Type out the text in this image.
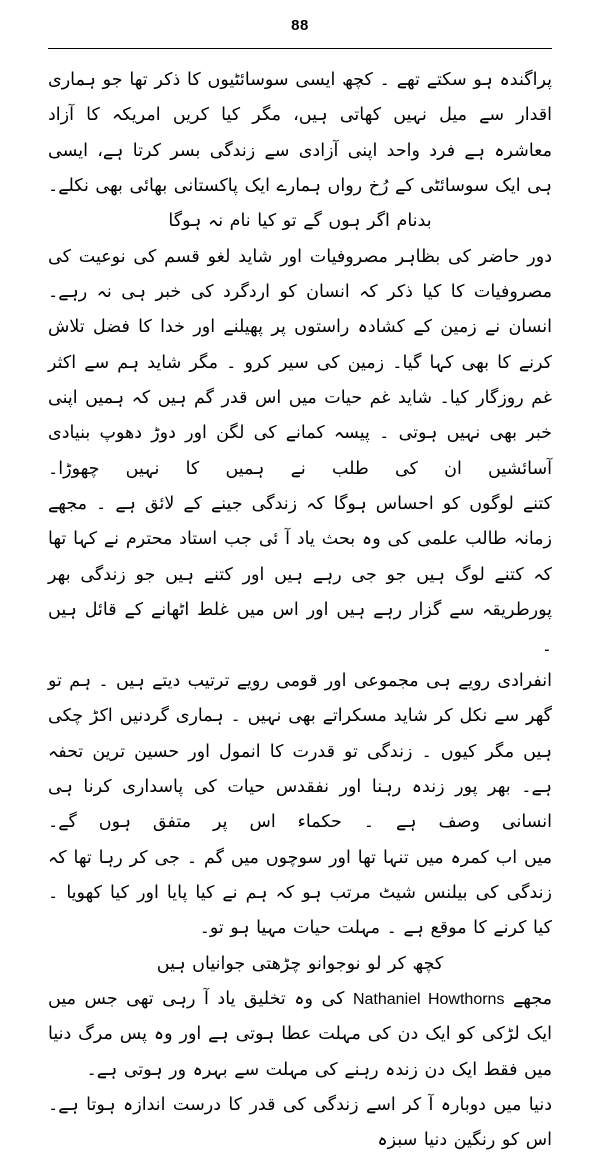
88

پراگندہ ہو سکتے تھے ۔ کچھ ایسی سوسائٹیوں کا ذکر تھا جو ہماری اقدار سے میل نہیں کھاتی ہیں، مگر کیا کریں امریکہ کا آزاد معاشرہ ہے فرد واحد اپنی آزادی سے زندگی بسر کرتا ہے، ایسی ہی ایک سوسائٹی کے رُخ رواں ہمارے ایک پاکستانی بھائی بھی نکلے۔

بدنام اگر ہوں گے تو کیا نام نہ ہوگا

دور حاضر کی بظاہر مصروفیات اور شاید لغو قسم کی نوعیت کی مصروفیات کا کیا ذکر کہ انسان کو اردگرد کی خبر ہی نہ رہے۔ انسان نے زمین کے کشادہ راستوں پر پھیلنے اور خدا کا فضل تلاش کرنے کا بھی کہا گیا۔ زمین کی سیر کرو ۔ مگر شاید ہم سے اکثر غم روزگار کیا۔ شاید غم حیات میں اس قدر گم ہیں کہ ہمیں اپنی خبر بھی نہیں ہوتی ۔ پیسہ کمانے کی لگن اور دوڑ دھوپ بنیادی آسائشیں ان کی طلب نے ہمیں کا نہیں چھوڑا۔

کتنے لوگوں کو احساس ہوگا کہ زندگی جینے کے لائق ہے ۔ مجھے زمانہ طالب علمی کی وہ بحث یاد آ ئی جب استاد محترم نے کہا تھا کہ کتنے لوگ ہیں جو جی رہے ہیں اور کتنے ہیں جو زندگی بھر پورطریقہ سے گزار رہے ہیں اور اس میں غلط اٹھانے کے قائل ہیں ۔

انفرادی رویے ہی مجموعی اور قومی رویے ترتیب دیتے ہیں ۔ ہم تو گھر سے نکل کر شاید مسکراتے بھی نہیں ۔ ہماری گردنیں اکڑ چکی ہیں مگر کیوں ۔ زندگی تو قدرت کا انمول اور حسین ترین تحفہ ہے۔ بھر پور زندہ رہنا اور نفقدس حیات کی پاسداری کرنا ہی انسانی وصف ہے ۔ حکماء اس پر متفق ہوں گے۔

میں اب کمرہ میں تنہا تھا اور سوچوں میں گم ۔ جی کر رہا تھا کہ زندگی کی بیلنس شیٹ مرتب ہو کہ ہم نے کیا پایا اور کیا کھویا ۔ کیا کرنے کا موقع ہے ۔ مہلت حیات مہیا ہو تو۔

کچھ کر لو نوجوانو چڑھتی جوانیاں ہیں

مجھے Nathaniel Howthorns کی وہ تخلیق یاد آ رہی تھی جس میں ایک لڑکی کو ایک دن کی مہلت عطا ہوتی ہے اور وہ پس مرگ دنیا میں فقط ایک دن زندہ رہنے کی مہلت سے بہرہ ور ہوتی ہے۔

دنیا میں دوبارہ آ کر اسے زندگی کی قدر کا درست اندازہ ہوتا ہے۔ اس کو رنگین دنیا سبزہ
